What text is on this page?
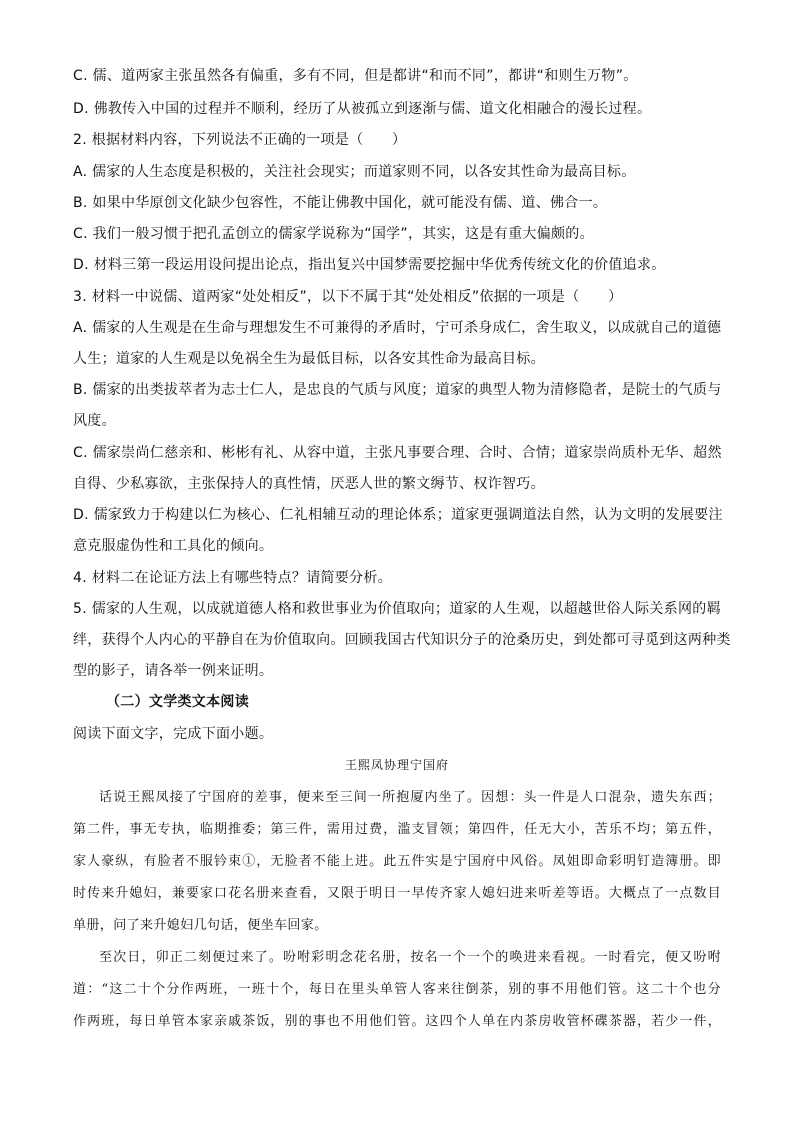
C. 儒、道两家主张虽然各有偏重，多有不同，但是都讲“和而不同”，都讲“和则生万物”。
D. 佛教传入中国的过程并不顺利，经历了从被孤立到逐渐与儒、道文化相融合的漫长过程。
2. 根据材料内容，下列说法不正确的一项是（　　）
A. 儒家的人生态度是积极的，关注社会现实；而道家则不同，以各安其性命为最高目标。
B. 如果中华原创文化缺少包容性，不能让佛教中国化，就可能没有儒、道、佛合一。
C. 我们一般习惯于把孔孟创立的儒家学说称为“国学”，其实，这是有重大偏颇的。
D. 材料三第一段运用设问提出论点，指出复兴中国梦需要挖掘中华优秀传统文化的价值追求。
3. 材料一中说儒、道两家“处处相反”，以下不属于其“处处相反”依据的一项是（　　）
A. 儒家的人生观是在生命与理想发生不可兼得的矛盾时，宁可杀身成仁，舍生取义，以成就自己的道德
人生；道家的人生观是以免祸全生为最低目标，以各安其性命为最高目标。
B. 儒家的出类拔萃者为志士仁人，是忠良的气质与风度；道家的典型人物为清修隐者，是院士的气质与
风度。
C. 儒家崇尚仁慈亲和、彬彬有礼、从容中道，主张凡事要合理、合时、合情；道家崇尚质朴无华、超然
自得、少私寡欲，主张保持人的真性情，厌恶人世的繁文缛节、权诈智巧。
D. 儒家致力于构建以仁为核心、仁礼相辅互动的理论体系；道家更强调道法自然，认为文明的发展要注
意克服虚伪性和工具化的倾向。
4. 材料二在论证方法上有哪些特点？请简要分析。
5. 儒家的人生观，以成就道德人格和救世事业为价值取向；道家的人生观，以超越世俗人际关系网的羁
绊，获得个人内心的平静自在为价值取向。回顾我国古代知识分子的沧桑历史，到处都可寻觅到这两种类
型的影子，请各举一例来证明。
（二）文学类文本阅读
阅读下面文字，完成下面小题。
王熙凤协理宁国府
话说王熙凤接了宁国府的差事，便来至三间一所抱厦内坐了。因想：头一件是人口混杂，遗失东西；
第二件，事无专执，临期推委；第三件，需用过费，滥支冒领；第四件，任无大小，苦乐不均；第五件，
家人豪纵，有脸者不服钤束①，无脸者不能上进。此五件实是宁国府中风俗。凤姐即命彩明钉造簿册。即
时传来升媳妇，兼要家口花名册来查看，又限于明日一早传齐家人媳妇进来听差等语。大概点了一点数目
单册，问了来升媳妇几句话，便坐车回家。
至次日，卯正二刻便过来了。吩咐彩明念花名册，按名一个一个的唤进来看视。一时看完，便又吩咐
道：“这二十个分作两班，一班十个，每日在里头单管人客来往倒茶，别的事不用他们管。这二十个也分
作两班，每日单管本家亲戚茶饭，别的事也不用他们管。这四个人单在内茶房收管杯碟茶器，若少一件，
